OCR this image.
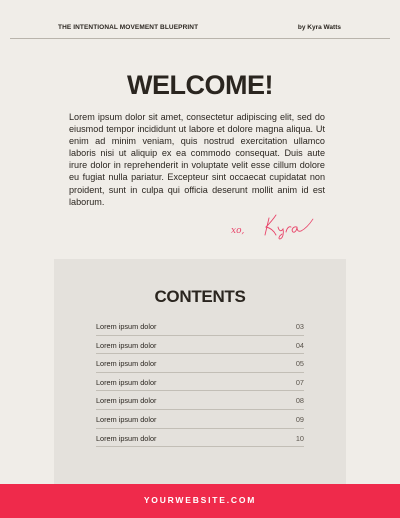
THE INTENTIONAL MOVEMENT BLUEPRINT	by Kyra Watts
WELCOME!
Lorem ipsum dolor sit amet, consectetur adipiscing elit, sed do eiusmod tempor incididunt ut labore et dolore magna aliqua. Ut enim ad minim veniam, quis nostrud exercitation ullamco laboris nisi ut aliquip ex ea commodo consequat. Duis aute irure dolor in reprehenderit in voluptate velit esse cillum dolore eu fugiat nulla pariatur. Excepteur sint occaecat cupidatat non proident, sunt in culpa qui officia deserunt mollit anim id est laborum.
xo,
CONTENTS
Lorem ipsum dolor	03
Lorem ipsum dolor	04
Lorem ipsum dolor	05
Lorem ipsum dolor	07
Lorem ipsum dolor	08
Lorem ipsum dolor	09
Lorem ipsum dolor	10
YOURWEBSITE.COM
